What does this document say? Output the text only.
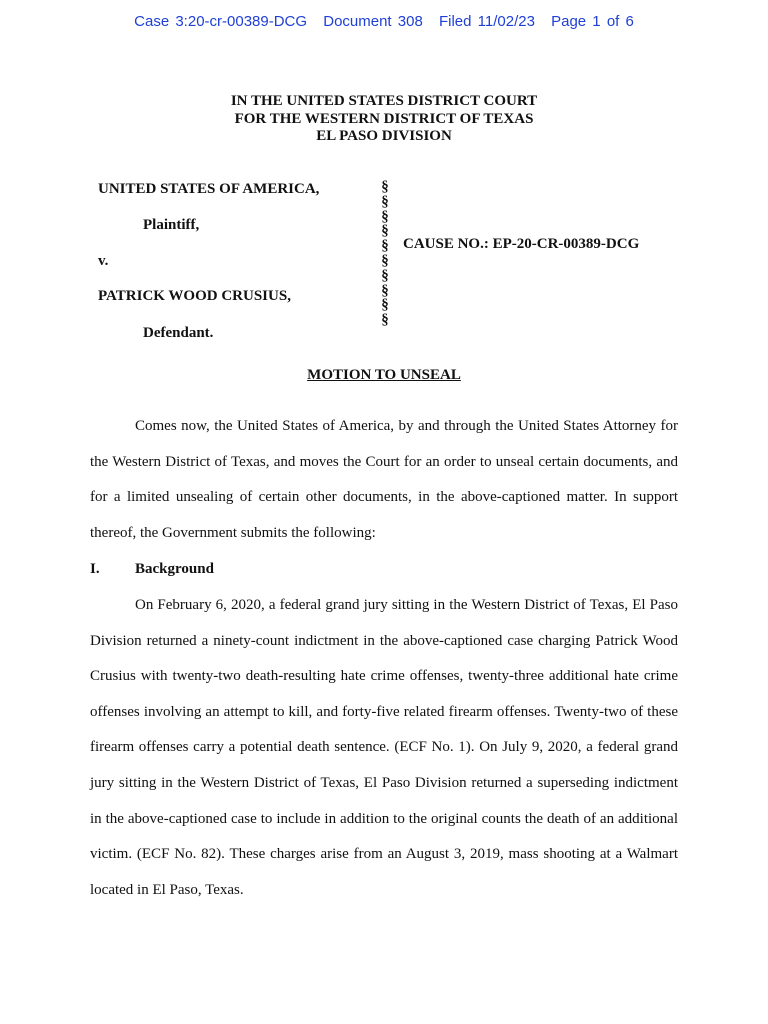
Case 3:20-cr-00389-DCG Document 308 Filed 11/02/23 Page 1 of 6
IN THE UNITED STATES DISTRICT COURT
FOR THE WESTERN DISTRICT OF TEXAS
EL PASO DIVISION
UNITED STATES OF AMERICA,
Plaintiff,
v.
PATRICK WOOD CRUSIUS,
Defendant.
§
§
§
§
§
§
§
§
§
§
CAUSE NO.: EP-20-CR-00389-DCG
MOTION TO UNSEAL
Comes now, the United States of America, by and through the United States Attorney for the Western District of Texas, and moves the Court for an order to unseal certain documents, and for a limited unsealing of certain other documents, in the above-captioned matter. In support thereof, the Government submits the following:
I. Background
On February 6, 2020, a federal grand jury sitting in the Western District of Texas, El Paso Division returned a ninety-count indictment in the above-captioned case charging Patrick Wood Crusius with twenty-two death-resulting hate crime offenses, twenty-three additional hate crime offenses involving an attempt to kill, and forty-five related firearm offenses. Twenty-two of these firearm offenses carry a potential death sentence. (ECF No. 1). On July 9, 2020, a federal grand jury sitting in the Western District of Texas, El Paso Division returned a superseding indictment in the above-captioned case to include in addition to the original counts the death of an additional victim. (ECF No. 82). These charges arise from an August 3, 2019, mass shooting at a Walmart located in El Paso, Texas.
